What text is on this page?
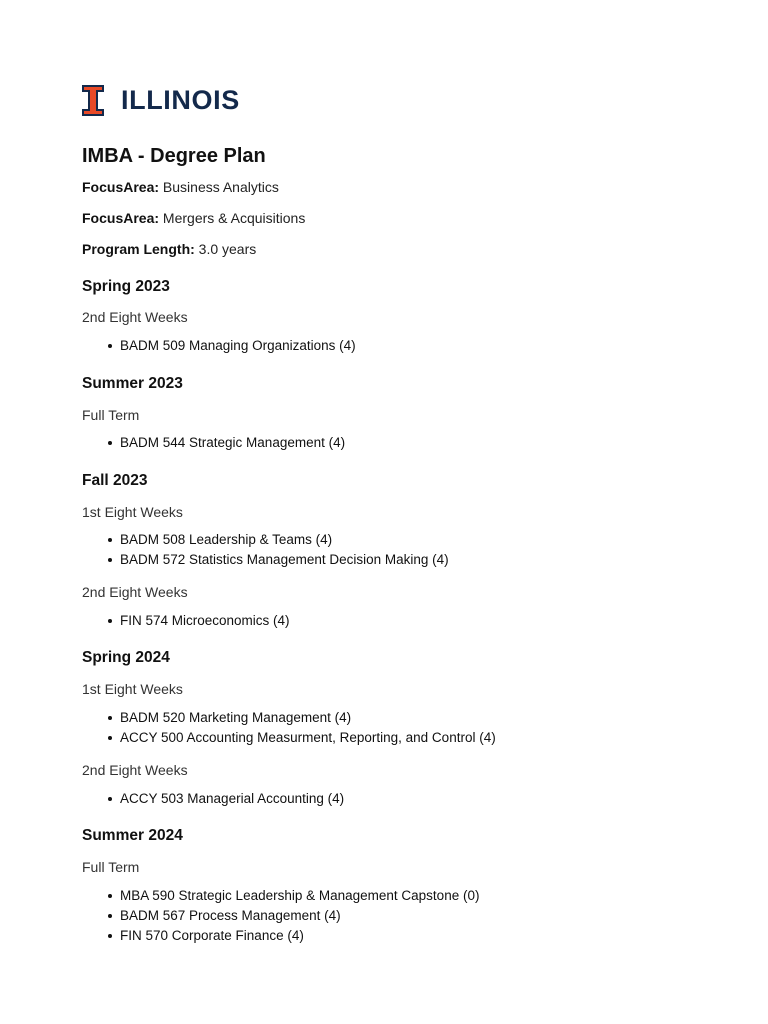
ILLINOIS
IMBA - Degree Plan

FocusArea: Business Analytics

FocusArea: Mergers & Acquisitions

Program Length: 3.0 years

Spring 2023

2nd Eight Weeks

BADM 509 Managing Organizations (4)
Summer 2023

Full Term

BADM 544 Strategic Management (4)
Fall 2023

1st Eight Weeks

BADM 508 Leadership & Teams (4)
BADM 572 Statistics Management Decision Making (4)

2nd Eight Weeks

FIN 574 Microeconomics (4)
Spring 2024

1st Eight Weeks

BADM 520 Marketing Management (4)
ACCY 500 Accounting Measurment, Reporting, and Control (4)

2nd Eight Weeks

ACCY 503 Managerial Accounting (4)
Summer 2024

Full Term

MBA 590 Strategic Leadership & Management Capstone (0)
BADM 567 Process Management (4)
FIN 570 Corporate Finance (4)
